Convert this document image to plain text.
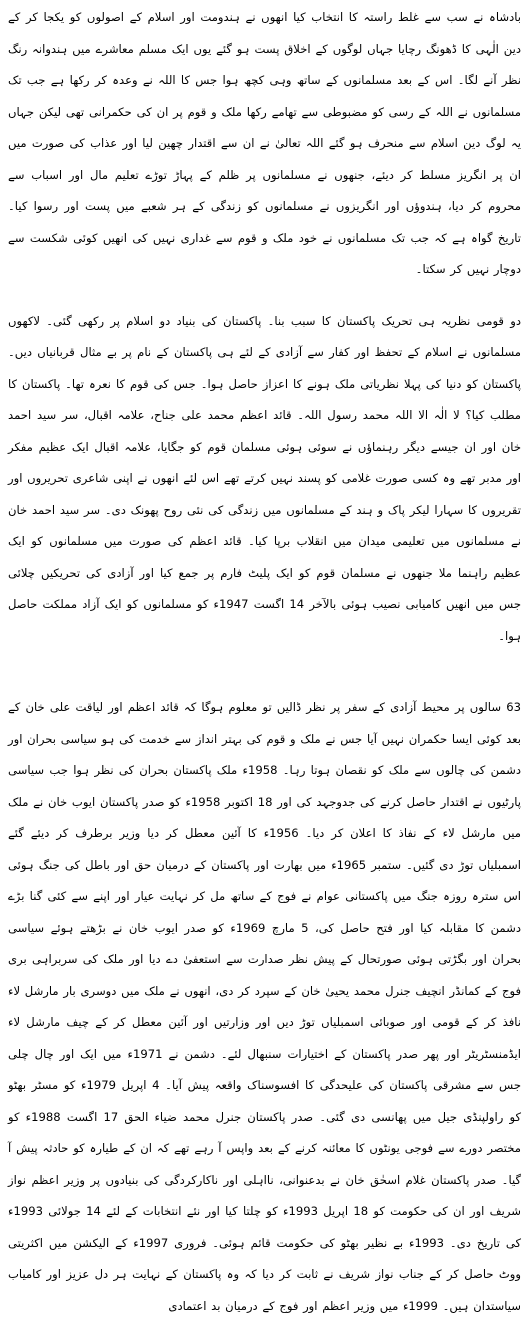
بادشاہ نے سب سے غلط راستہ کا انتخاب کیا انھوں نے ہندومت اور اسلام کے اصولوں کو یکجا کر کے دین الٰہی کا ڈھونگ رچایا جہاں لوگوں کے اخلاق پست ہو گئے یوں ایک مسلم معاشرے میں ہندوانہ رنگ نظر آنے لگا۔ اس کے بعد مسلمانوں کے ساتھ وہی کچھ ہوا جس کا اللہ نے وعدہ کر رکھا ہے جب تک مسلمانوں نے اللہ کے رسی کو مضبوطی سے تھامے رکھا ملک و قوم پر ان کی حکمرانی تھی لیکن جہاں یہ لوگ دین اسلام سے منحرف ہو گئے اللہ تعالیٰ نے ان سے اقتدار چھین لیا اور عذاب کی صورت میں ان پر انگریز مسلط کر دیئے، جنھوں نے مسلمانوں پر ظلم کے پہاڑ توڑے تعلیم مال اور اسباب سے محروم کر دیا، ہندوؤں اور انگریزوں نے مسلمانوں کو زندگی کے ہر شعبے میں پست اور رسوا کیا۔ تاریخ گواہ ہے کہ جب تک مسلمانوں نے خود ملک و قوم سے غداری نہیں کی انھیں کوئی شکست سے دوچار نہیں کر سکتا۔

دو قومی نظریہ ہی تحریک پاکستان کا سبب بنا۔ پاکستان کی بنیاد دو اسلام پر رکھی گئی۔ لاکھوں مسلمانوں نے اسلام کے تحفظ اور کفار سے آزادی کے لئے ہی پاکستان کے نام پر بے مثال قربانیاں دیں۔ پاکستان کو دنیا کی پہلا نظریاتی ملک ہونے کا اعزاز حاصل ہوا۔ جس کی قوم کا نعرہ تھا۔ پاکستان کا مطلب کیا؟ لا الٰہ الا اللہ محمد رسول اللہ۔ قائد اعظم محمد علی جناح، علامہ اقبال، سر سید احمد خان اور ان جیسے دیگر رہنماؤں نے سوئی ہوئی مسلمان قوم کو جگایا، علامہ اقبال ایک عظیم مفکر اور مدبر تھے وہ کسی صورت غلامی کو پسند نہیں کرتے تھے اس لئے انھوں نے اپنی شاعری تحریروں اور تقریروں کا سہارا لیکر پاک و ہند کے مسلمانوں میں زندگی کی نئی روح پھونک دی۔ سر سید احمد خان نے مسلمانوں میں تعلیمی میدان میں انقلاب برپا کیا۔ قائد اعظم کی صورت میں مسلمانوں کو ایک عظیم راہنما ملا جنھوں نے مسلمان قوم کو ایک پلیٹ فارم پر جمع کیا اور آزادی کی تحریکیں چلائی جس میں انھیں کامیابی نصیب ہوئی بالآخر 14 اگست 1947ء کو مسلمانوں کو ایک آزاد مملکت حاصل ہوا۔

63 سالوں پر محیط آزادی کے سفر پر نظر ڈالیں تو معلوم ہوگا کہ قائد اعظم اور لیاقت علی خان کے بعد کوئی ایسا حکمران نہیں آیا جس نے ملک و قوم کی بہتر انداز سے خدمت کی ہو سیاسی بحران اور دشمن کی چالوں سے ملک کو نقصان ہوتا رہا۔ 1958ء ملک پاکستان بحران کی نظر ہوا جب سیاسی پارٹیوں نے اقتدار حاصل کرنے کی جدوجہد کی اور 18 اکتوبر 1958ء کو صدر پاکستان ایوب خان نے ملک میں مارشل لاء کے نفاذ کا اعلان کر دیا۔ 1956ء کا آئین معطل کر دیا وزیر برطرف کر دیئے گئے اسمبلیاں توڑ دی گئیں۔ ستمبر 1965ء میں بھارت اور پاکستان کے درمیان حق اور باطل کی جنگ ہوئی اس سترہ روزہ جنگ میں پاکستانی عوام نے فوج کے ساتھ مل کر نہایت عیار اور اپنے سے کئی گنا بڑے دشمن کا مقابلہ کیا اور فتح حاصل کی، 5 مارچ 1969ء کو صدر ایوب خان نے بڑھتے ہوئے سیاسی بحران اور بگڑتی ہوئی صورتحال کے پیش نظر صدارت سے استعفیٰ دے دیا اور ملک کی سربراہی بری فوج کے کمانڈر انچیف جنرل محمد یحییٰ خان کے سپرد کر دی، انھوں نے ملک میں دوسری بار مارشل لاء نافذ کر کے قومی اور صوبائی اسمبلیاں توڑ دیں اور وزارتیں اور آئین معطل کر کے چیف مارشل لاء ایڈمنسٹریٹر اور پھر صدر پاکستان کے اختیارات سنبھال لئے۔ دشمن نے 1971ء میں ایک اور چال چلی جس سے مشرقی پاکستان کی علیحدگی کا افسوسناک واقعہ پیش آیا۔ 4 اپریل 1979ء کو مسٹر بھٹو کو راولپنڈی جیل میں پھانسی دی گئی۔ صدر پاکستان جنرل محمد ضیاء الحق 17 اگست 1988ء کو مختصر دورے سے فوجی یونٹوں کا معائنہ کرنے کے بعد واپس آ رہے تھے کہ ان کے طیارہ کو حادثہ پیش آ گیا۔ صدر پاکستان غلام اسحٰق خان نے بدعنوانی، نااہلی اور ناکارکردگی کی بنیادوں پر وزیر اعظم نواز شریف اور ان کی حکومت کو 18 اپریل 1993ء کو چلتا کیا اور نئے انتخابات کے لئے 14 جولائی 1993ء کی تاریخ دی۔ 1993ء بے نظیر بھٹو کی حکومت قائم ہوئی۔ فروری 1997ء کے الیکشن میں اکثریتی ووٹ حاصل کر کے جناب نواز شریف نے ثابت کر دیا کہ وہ پاکستان کے نہایت ہر دل عزیز اور کامیاب سیاستدان ہیں۔ 1999ء میں وزیر اعظم اور فوج کے درمیان بد اعتمادی
